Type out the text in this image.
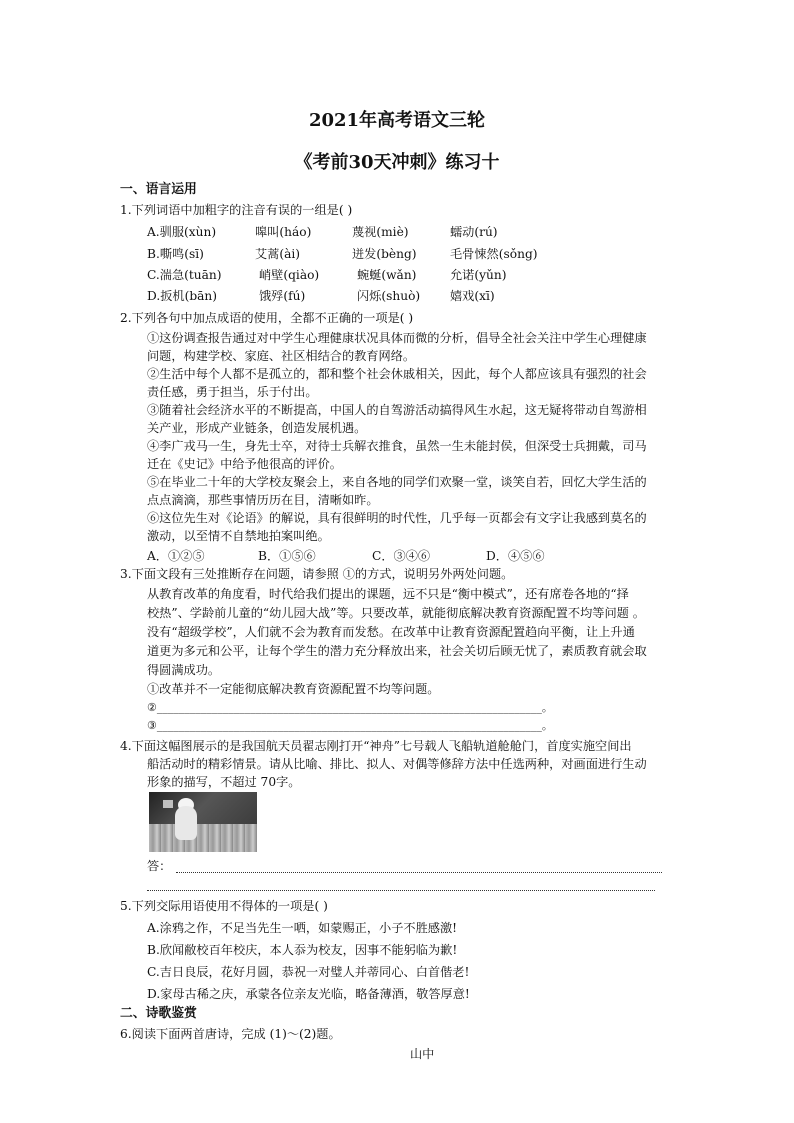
2021年高考语文三轮
《考前30天冲刺》练习十
一、语言运用
1.下列词语中加粗字的注音有误的一组是( )
A.驯服(xùn)	嗥叫(háo)	蔑视(miè)	蠕动(rú)
B.嘶鸣(sī)	艾蒿(ài)	迸发(bèng)	毛骨悚然(sǒng)
C.湍急(tuān)	峭壁(qiào)	蜿蜒(wǎn)	允诺(yǔn)
D.扳机(bān)	饿殍(fú)	闪烁(shuò) 嬉戏(xī)
2.下列各句中加点成语的使用，全都不正确的一项是( )
①这份调查报告通过对中学生心理健康状况具体而微的分析，倡导全社会关注中学生心理健康
问题，构建学校、家庭、社区相结合的教育网络。
②生活中每个人都不是孤立的，都和整个社会休戚相关，因此，每个人都应该具有强烈的社会
责任感，勇于担当，乐于付出。
③随着社会经济水平的不断提高，中国人的自驾游活动搞得风生水起，这无疑将带动自驾游相
关产业，形成产业链条，创造发展机遇。
④李广戎马一生，身先士卒，对待士兵解衣推食，虽然一生未能封侯，但深受士兵拥戴，司马
迁在《史记》中给予他很高的评价。
⑤在毕业二十年的大学校友聚会上，来自各地的同学们欢聚一堂，谈笑自若，回忆大学生活的
点点滴滴，那些事情历历在目，清晰如昨。
⑥这位先生对《论语》的解说，具有很鲜明的时代性，几乎每一页都会有文字让我感到莫名的
激动，以至情不自禁地拍案叫绝。
A．①②⑤	B．①⑤⑥	C．③④⑥	D．④⑤⑥
3.下面文段有三处推断存在问题，请参照 ①的方式，说明另外两处问题。
从教育改革的角度看，时代给我们提出的课题，远不只是“衡中模式”，还有席卷各地的“择
校热”、学龄前儿童的“幼儿园大战”等。只要改革，就能彻底解决教育资源配置不均等问题 。
没有“超级学校”，人们就不会为教育而发愁。在改革中让教育资源配置趋向平衡，让上升通
道更为多元和公平，让每个学生的潜力充分释放出来，社会关切后顾无忧了，素质教育就会取
得圆满成功。
①改革并不一定能彻底解决教育资源配置不均等问题。
②______________________________________________________________________。
③______________________________________________________________________。
4.下面这幅图展示的是我国航天员翟志刚打开“神舟”七号载人飞船轨道舱舱门，首度实施空间出
船活动时的精彩情景。请从比喻、排比、拟人、对偶等修辞方法中任选两种，对画面进行生动
形象的描写，不超过 70字。
答：
5.下列交际用语使用不得体的一项是( )
A.涂鸦之作，不足当先生一哂，如蒙赐正，小子不胜感激!
B.欣闻敝校百年校庆，本人忝为校友，因事不能躬临为歉!
C.吉日良辰，花好月圆，恭祝一对璧人并蒂同心、白首偕老!
D.家母古稀之庆，承蒙各位亲友光临，略备薄酒，敬答厚意!
二、诗歌鉴赏
6.阅读下面两首唐诗，完成 (1)～(2)题。
山中
